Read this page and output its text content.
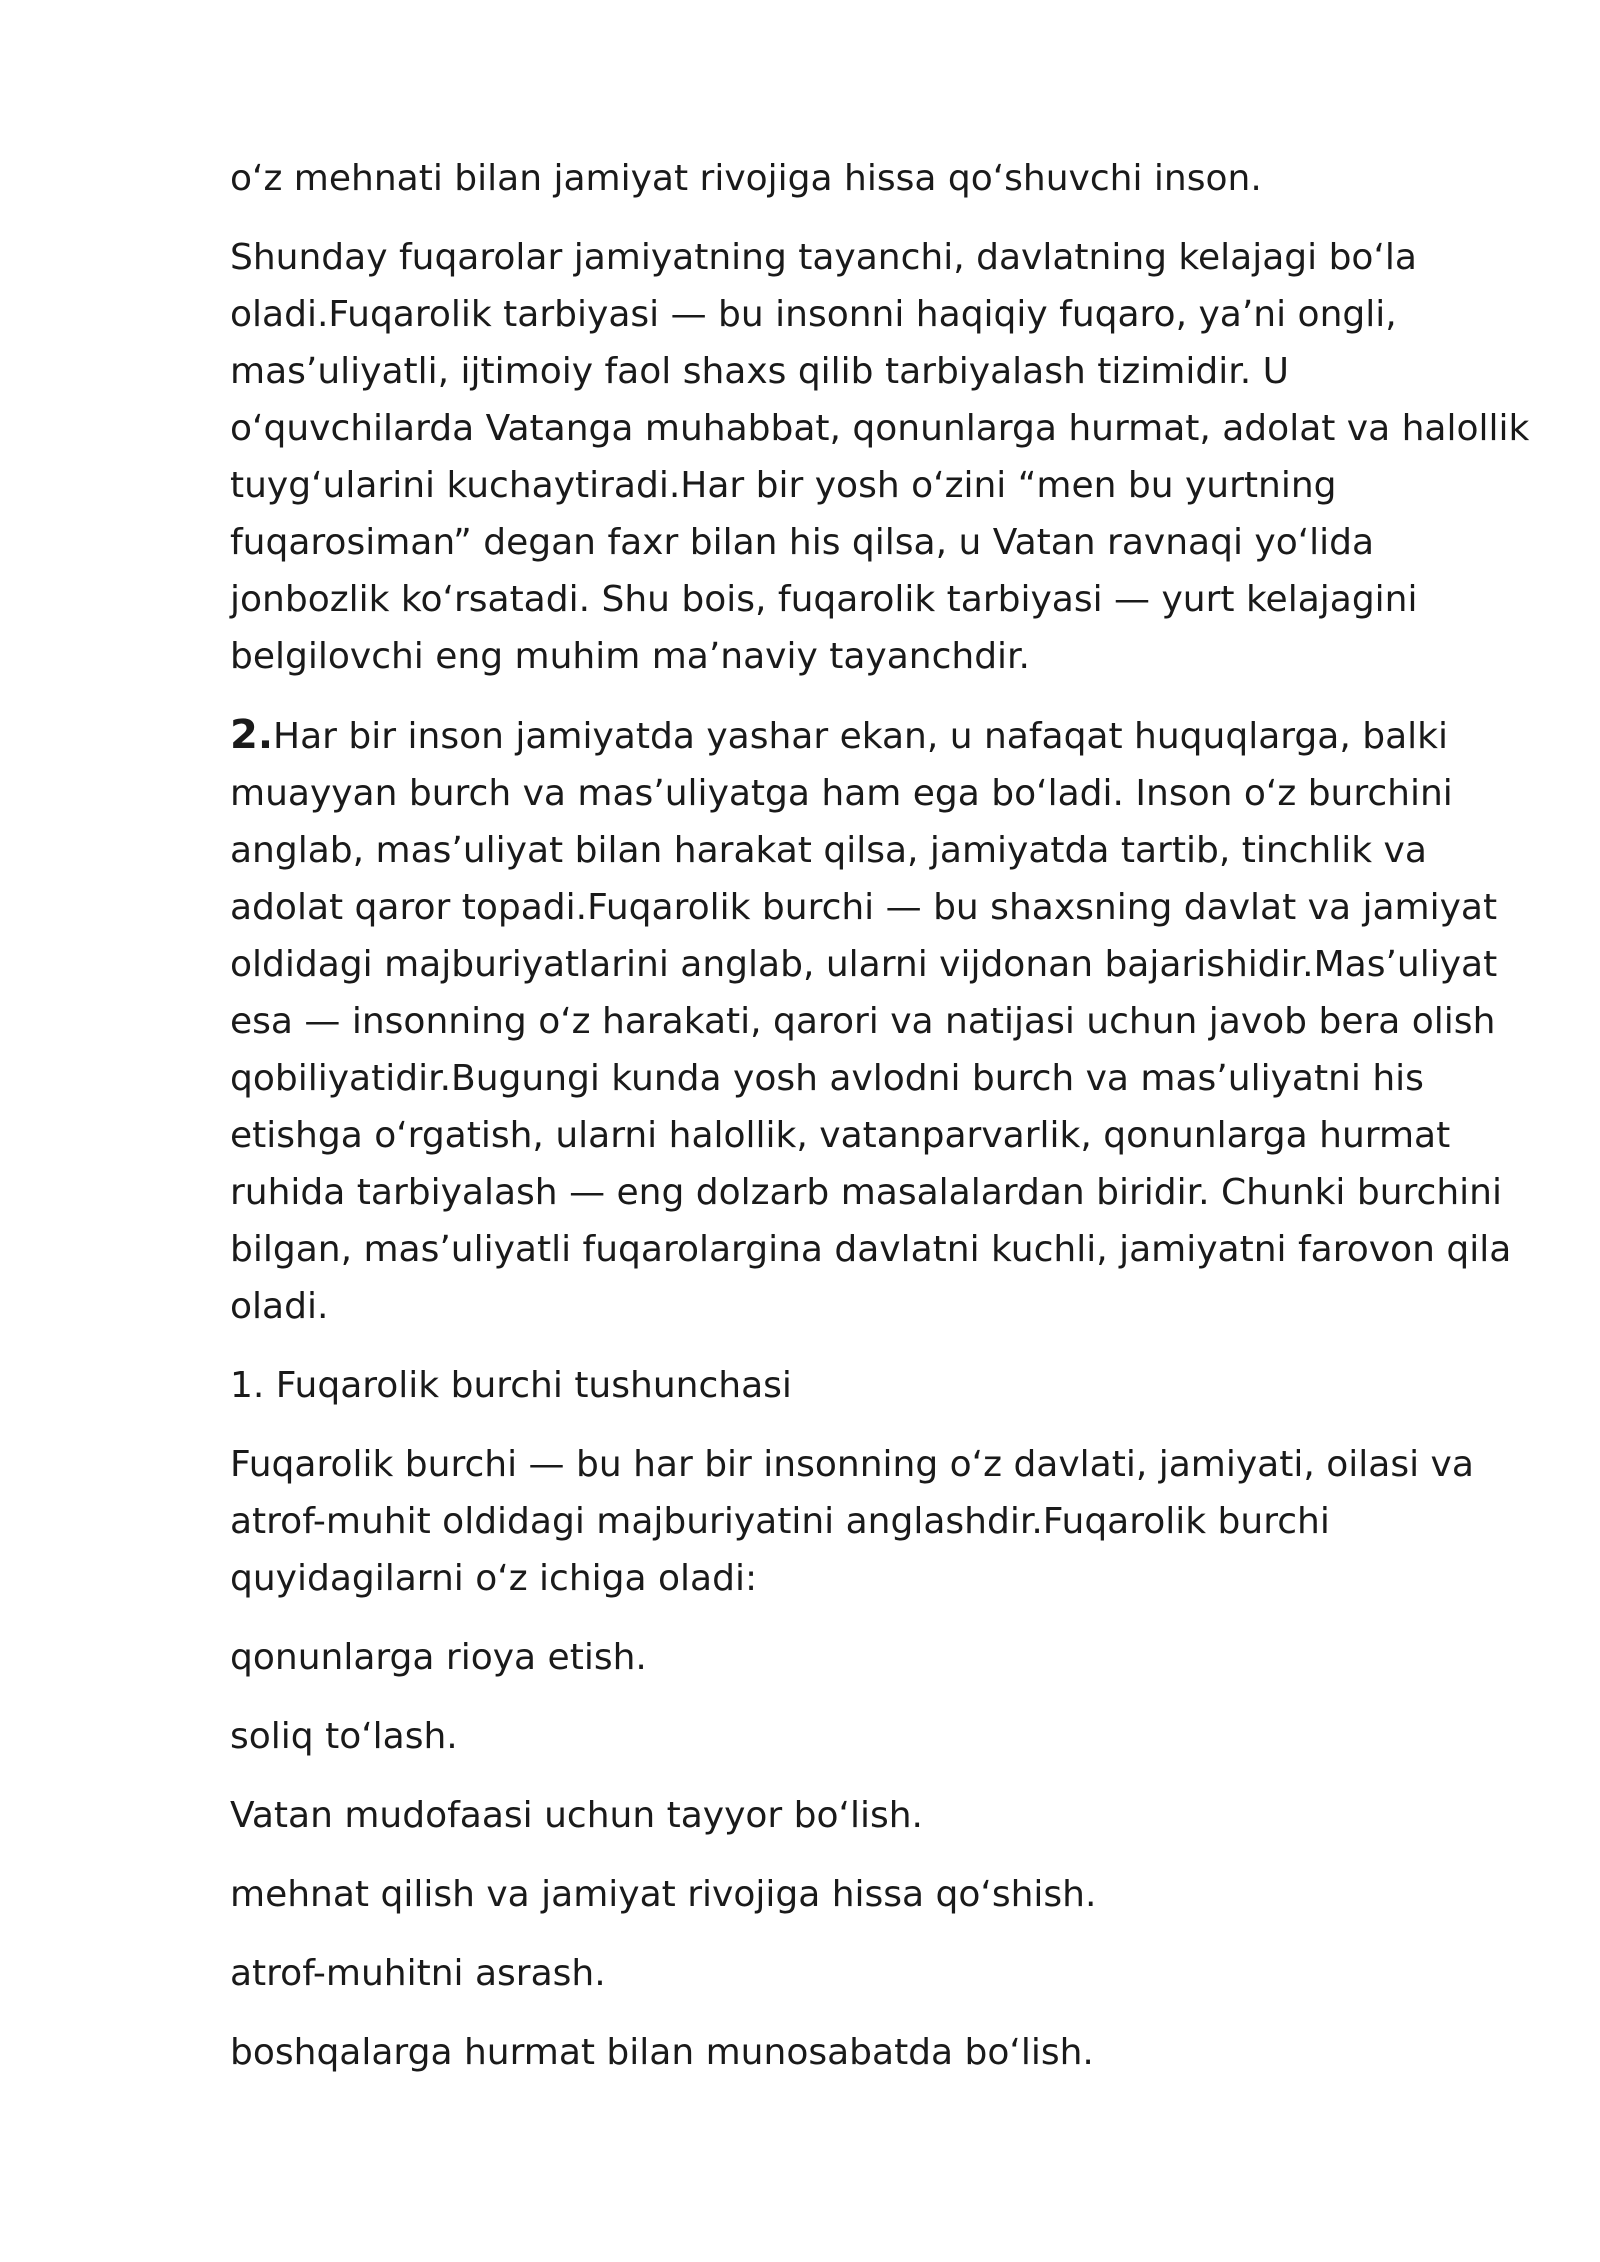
oʻz mehnati bilan jamiyat rivojiga hissa qoʻshuvchi inson.

Shunday fuqarolar jamiyatning tayanchi, davlatning kelajagi boʻla oladi.Fuqarolik tarbiyasi — bu insonni haqiqiy fuqaro, ya’ni ongli, mas’uliyatli, ijtimoiy faol shaxs qilib tarbiyalash tizimidir. U oʻquvchilarda Vatanga muhabbat, qonunlarga hurmat, adolat va halollik tuygʻularini kuchaytiradi.Har bir yosh oʻzini “men bu yurtning fuqarosiman” degan faxr bilan his qilsa, u Vatan ravnaqi yoʻlida jonbozlik koʻrsatadi. Shu bois, fuqarolik tarbiyasi — yurt kelajagini belgilovchi eng muhim ma’naviy tayanchdir.

2.Har bir inson jamiyatda yashar ekan, u nafaqat huquqlarga, balki muayyan burch va mas’uliyatga ham ega boʻladi. Inson oʻz burchini anglab, mas’uliyat bilan harakat qilsa, jamiyatda tartib, tinchlik va adolat qaror topadi.Fuqarolik burchi — bu shaxsning davlat va jamiyat oldidagi majburiyatlarini anglab, ularni vijdonan bajarishidir.Mas’uliyat esa — insonning oʻz harakati, qarori va natijasi uchun javob bera olish qobiliyatidir.Bugungi kunda yosh avlodni burch va mas’uliyatni his etishga oʻrgatish, ularni halollik, vatanparvarlik, qonunlarga hurmat ruhida tarbiyalash — eng dolzarb masalalardan biridir. Chunki burchini bilgan, mas’uliyatli fuqarolargina davlatni kuchli, jamiyatni farovon qila oladi.

1. Fuqarolik burchi tushunchasi

Fuqarolik burchi — bu har bir insonning oʻz davlati, jamiyati, oilasi va atrof-muhit oldidagi majburiyatini anglashdir.Fuqarolik burchi quyidagilarni oʻz ichiga oladi:

qonunlarga rioya etish.

soliq toʻlash.

Vatan mudofaasi uchun tayyor boʻlish.

mehnat qilish va jamiyat rivojiga hissa qoʻshish.

atrof-muhitni asrash.

boshqalarga hurmat bilan munosabatda boʻlish.
